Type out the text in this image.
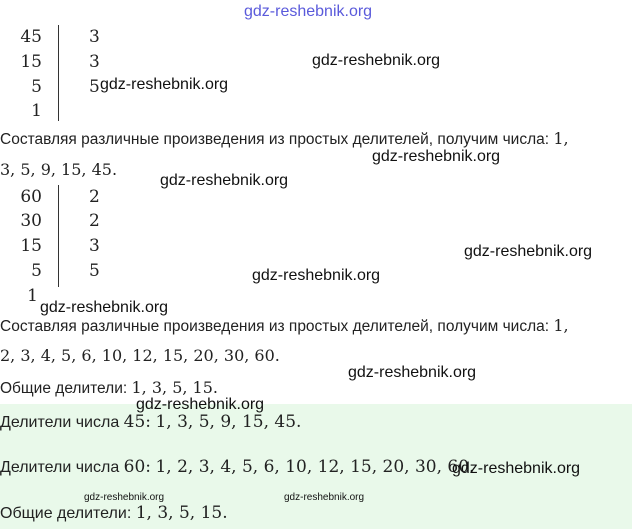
gdz-reshebnik.org
45
15
5
1
3
3
5
gdz-reshebnik.org
gdz-reshebnik.org
Составляя различные произведения из простых делителей, получим числа: 1,
3, 5, 9, 15, 45.
gdz-reshebnik.org
gdz-reshebnik.org
60
30
15
5
1
2
2
3
5
gdz-reshebnik.org
gdz-reshebnik.org
gdz-reshebnik.org
Составляя различные произведения из простых делителей, получим числа: 1,
2, 3, 4, 5, 6, 10, 12, 15, 20, 30, 60.
Общие делители: 1, 3, 5, 15.
gdz-reshebnik.org
gdz-reshebnik.org
Делители числа 45: 1, 3, 5, 9, 15, 45.
Делители числа 60: 1, 2, 3, 4, 5, 6, 10, 12, 15, 20, 30, 60.
gdz-reshebnik.org
gdz-reshebnik.org	gdz-reshebnik.org
Общие делители: 1, 3, 5, 15.
